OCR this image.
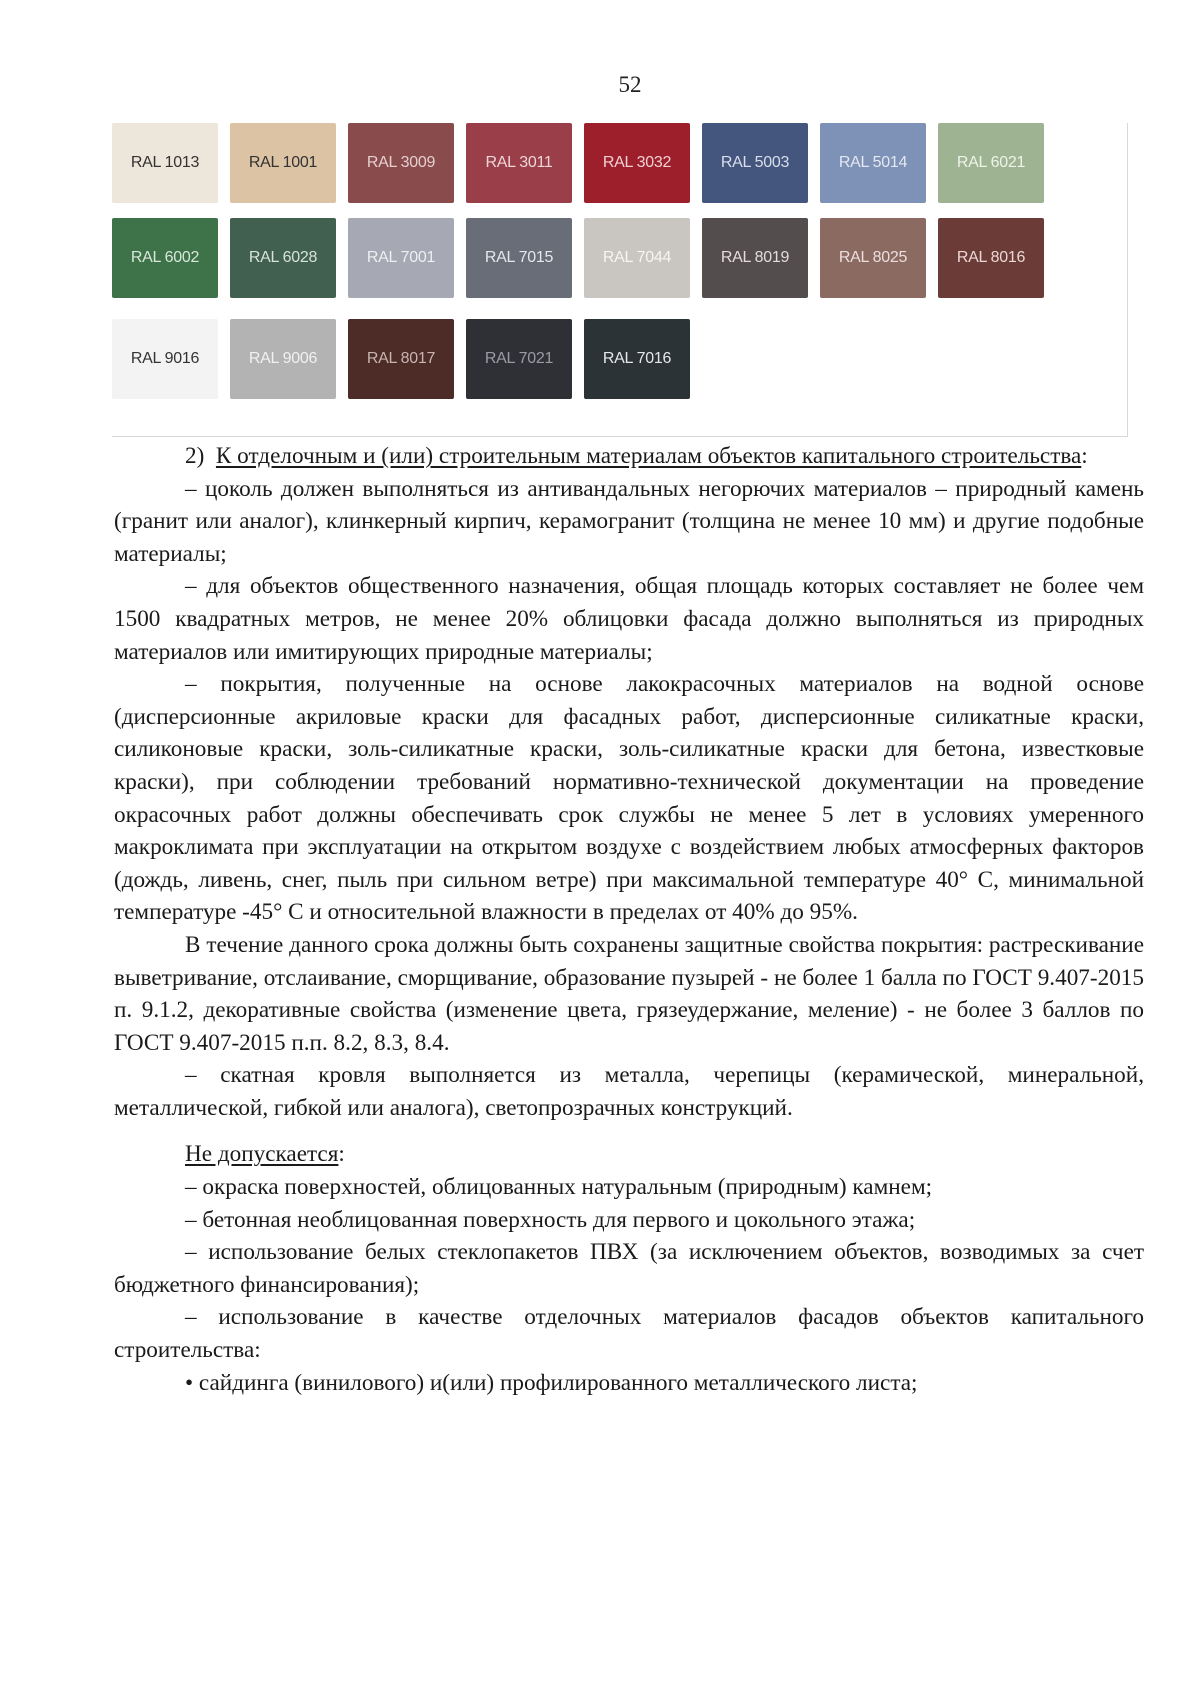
52
RAL 1013	RAL 1001	RAL 3009	RAL 3011	RAL 3032	RAL 5003	RAL 5014	RAL 6021
RAL 6002	RAL 6028	RAL 7001	RAL 7015	RAL 7044	RAL 8019	RAL 8025	RAL 8016
RAL 9016	RAL 9006	RAL 8017	RAL 7021	RAL 7016

2) К отделочным и (или) строительным материалам объектов капитального строительства:

– цоколь должен выполняться из антивандальных негорючих материалов – природный камень (гранит или аналог), клинкерный кирпич, керамогранит (толщина не менее 10 мм) и другие подобные материалы;

– для объектов общественного назначения, общая площадь которых составляет не более чем 1500 квадратных метров, не менее 20% облицовки фасада должно выполняться из природных материалов или имитирующих природные материалы;

– покрытия, полученные на основе лакокрасочных материалов на водной основе (дисперсионные акриловые краски для фасадных работ, дисперсионные силикатные краски, силиконовые краски, золь-силикатные краски, золь-силикатные краски для бетона, известковые краски), при соблюдении требований нормативно-технической документации на проведение окрасочных работ должны обеспечивать срок службы не менее 5 лет в условиях умеренного макроклимата при эксплуатации на открытом воздухе с воздействием любых атмосферных факторов (дождь, ливень, снег, пыль при сильном ветре) при максимальной температуре 40° С, минимальной температуре -45° С и относительной влажности в пределах от 40% до 95%.

В течение данного срока должны быть сохранены защитные свойства покрытия: растрескивание выветривание, отслаивание, сморщивание, образование пузырей - не более 1 балла по ГОСТ 9.407-2015 п. 9.1.2, декоративные свойства (изменение цвета, грязеудержание, меление) - не более 3 баллов по ГОСТ 9.407-2015 п.п. 8.2, 8.3, 8.4.

– скатная кровля выполняется из металла, черепицы (керамической, минеральной, металлической, гибкой или аналога), светопрозрачных конструкций.

Не допускается:

– окраска поверхностей, облицованных натуральным (природным) камнем;

– бетонная необлицованная поверхность для первого и цокольного этажа;

– использование белых стеклопакетов ПВХ (за исключением объектов, возводимых за счет бюджетного финансирования);

– использование в качестве отделочных материалов фасадов объектов капитального строительства:

• сайдинга (винилового) и(или) профилированного металлического листа;
